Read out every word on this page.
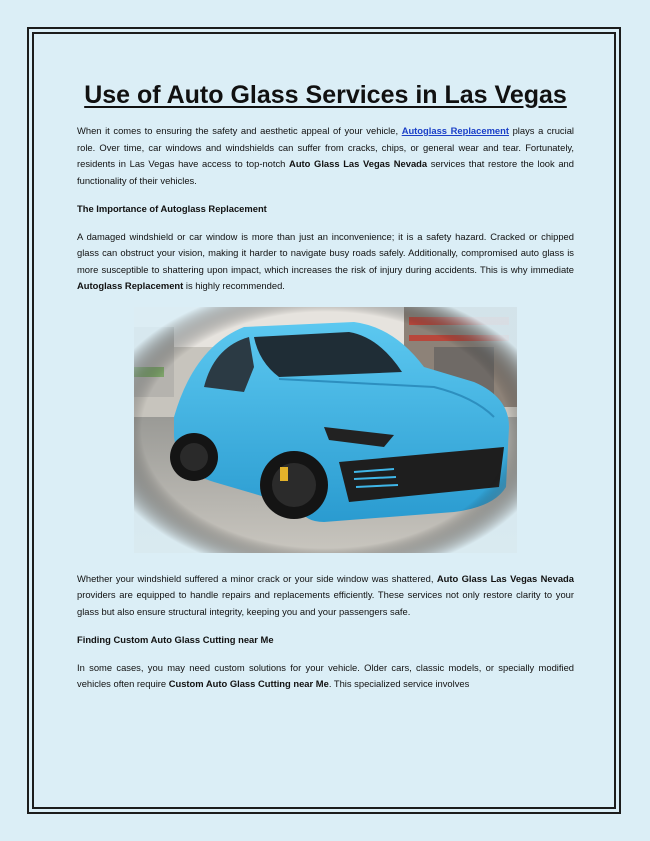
Use of Auto Glass Services in Las Vegas

When it comes to ensuring the safety and aesthetic appeal of your vehicle, Autoglass Replacement plays a crucial role. Over time, car windows and windshields can suffer from cracks, chips, or general wear and tear. Fortunately, residents in Las Vegas have access to top-notch Auto Glass Las Vegas Nevada services that restore the look and functionality of their vehicles.

The Importance of Autoglass Replacement

A damaged windshield or car window is more than just an inconvenience; it is a safety hazard. Cracked or chipped glass can obstruct your vision, making it harder to navigate busy roads safely. Additionally, compromised auto glass is more susceptible to shattering upon impact, which increases the risk of injury during accidents. This is why immediate Autoglass Replacement is highly recommended.

Whether your windshield suffered a minor crack or your side window was shattered, Auto Glass Las Vegas Nevada providers are equipped to handle repairs and replacements efficiently. These services not only restore clarity to your glass but also ensure structural integrity, keeping you and your passengers safe.

Finding Custom Auto Glass Cutting near Me

In some cases, you may need custom solutions for your vehicle. Older cars, classic models, or specially modified vehicles often require Custom Auto Glass Cutting near Me. This specialized service involves
